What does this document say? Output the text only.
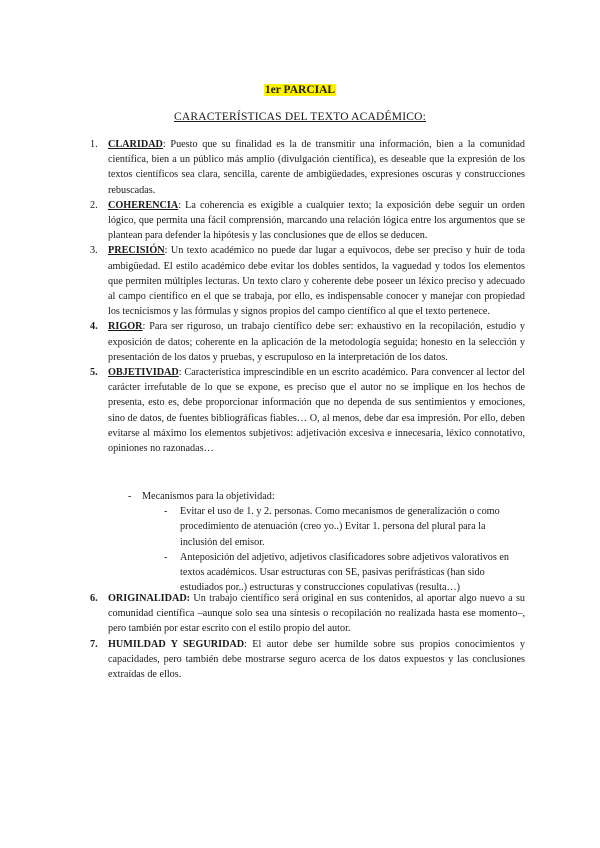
1er PARCIAL
CARACTERÍSTICAS DEL TEXTO ACADÉMICO:
1. CLARIDAD: Puesto que su finalidad es la de transmitir una información, bien a la comunidad científica, bien a un público más amplio (divulgación científica), es deseable que la expresión de los textos científicos sea clara, sencilla, carente de ambigüedades, expresiones oscuras y construcciones rebuscadas.
2. COHERENCIA: La coherencia es exigible a cualquier texto; la exposición debe seguir un orden lógico, que permita una fácil comprensión, marcando una relación lógica entre los argumentos que se plantean para defender la hipótesis y las conclusiones que de ellos se deducen.
3. PRECISIÓN: Un texto académico no puede dar lugar a equívocos, debe ser preciso y huir de toda ambigüedad. El estilo académico debe evitar los dobles sentidos, la vaguedad y todos los elementos que permiten múltiples lecturas. Un texto claro y coherente debe poseer un léxico preciso y adecuado al campo científico en el que se trabaja, por ello, es indispensable conocer y manejar con propiedad los tecnicismos y las fórmulas y signos propios del campo científico al que el texto pertenece.
4. RIGOR: Para ser riguroso, un trabajo científico debe ser: exhaustivo en la recopilación, estudio y exposición de datos; coherente en la aplicación de la metodología seguida; honesto en la selección y presentación de los datos y pruebas, y escrupuloso en la interpretación de los datos.
5. OBJETIVIDAD: Característica imprescindible en un escrito académico. Para convencer al lector del carácter irrefutable de lo que se expone, es preciso que el autor no se implique en los hechos de presenta, esto es, debe proporcionar información que no dependa de sus sentimientos y emociones, sino de datos, de fuentes bibliográficas fiables… O, al menos, debe dar esa impresión. Por ello, deben evitarse al máximo los elementos subjetivos: adjetivación excesiva e innecesaria, léxico connotativo, opiniones no razonadas…
- Mecanismos para la objetividad:
- Evitar el uso de 1. y 2. personas. Como mecanismos de generalización o como procedimiento de atenuación (creo yo..) Evitar 1. persona del plural para la inclusión del emisor.
- Anteposición del adjetivo, adjetivos clasificadores sobre adjetivos valorativos en textos académicos. Usar estructuras con SE, pasivas perifrásticas (han sido estudiados por..) estructuras y construcciones copulativas (resulta…)
6. ORIGINALIDAD: Un trabajo científico será original en sus contenidos, al aportar algo nuevo a su comunidad científica –aunque solo sea una síntesis o recopilación no realizada hasta ese momento–, pero también por estar escrito con el estilo propio del autor.
7. HUMILDAD Y SEGURIDAD: El autor debe ser humilde sobre sus propios conocimientos y capacidades, pero también debe mostrarse seguro acerca de los datos expuestos y las conclusiones extraídas de ellos.
